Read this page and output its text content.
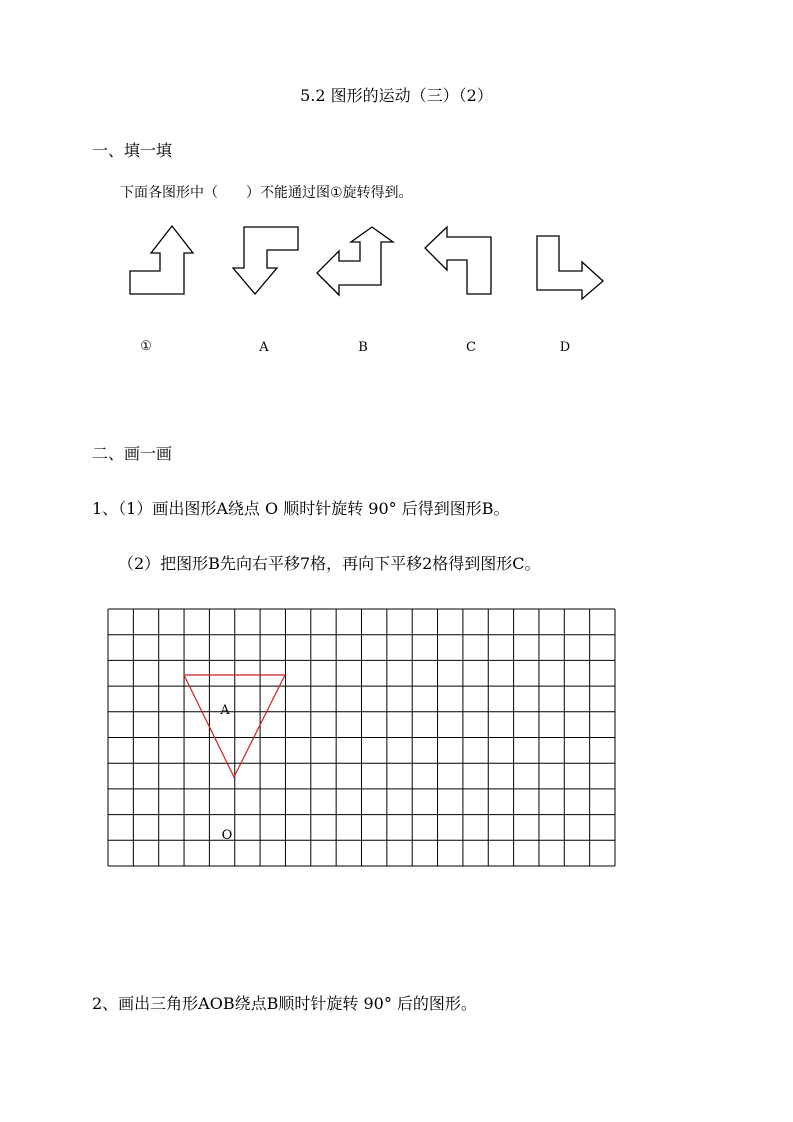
5.2 图形的运动（三）（2）
一、填一填
下面各图形中（　　）不能通过图①旋转得到。
①	A	B	C	D
二、画一画
1、（1）画出图形A绕点 O 顺时针旋转 90° 后得到图形B。
（2）把图形B先向右平移7格，再向下平移2格得到图形C。
A
O
2、画出三角形AOB绕点B顺时针旋转 90° 后的图形。
